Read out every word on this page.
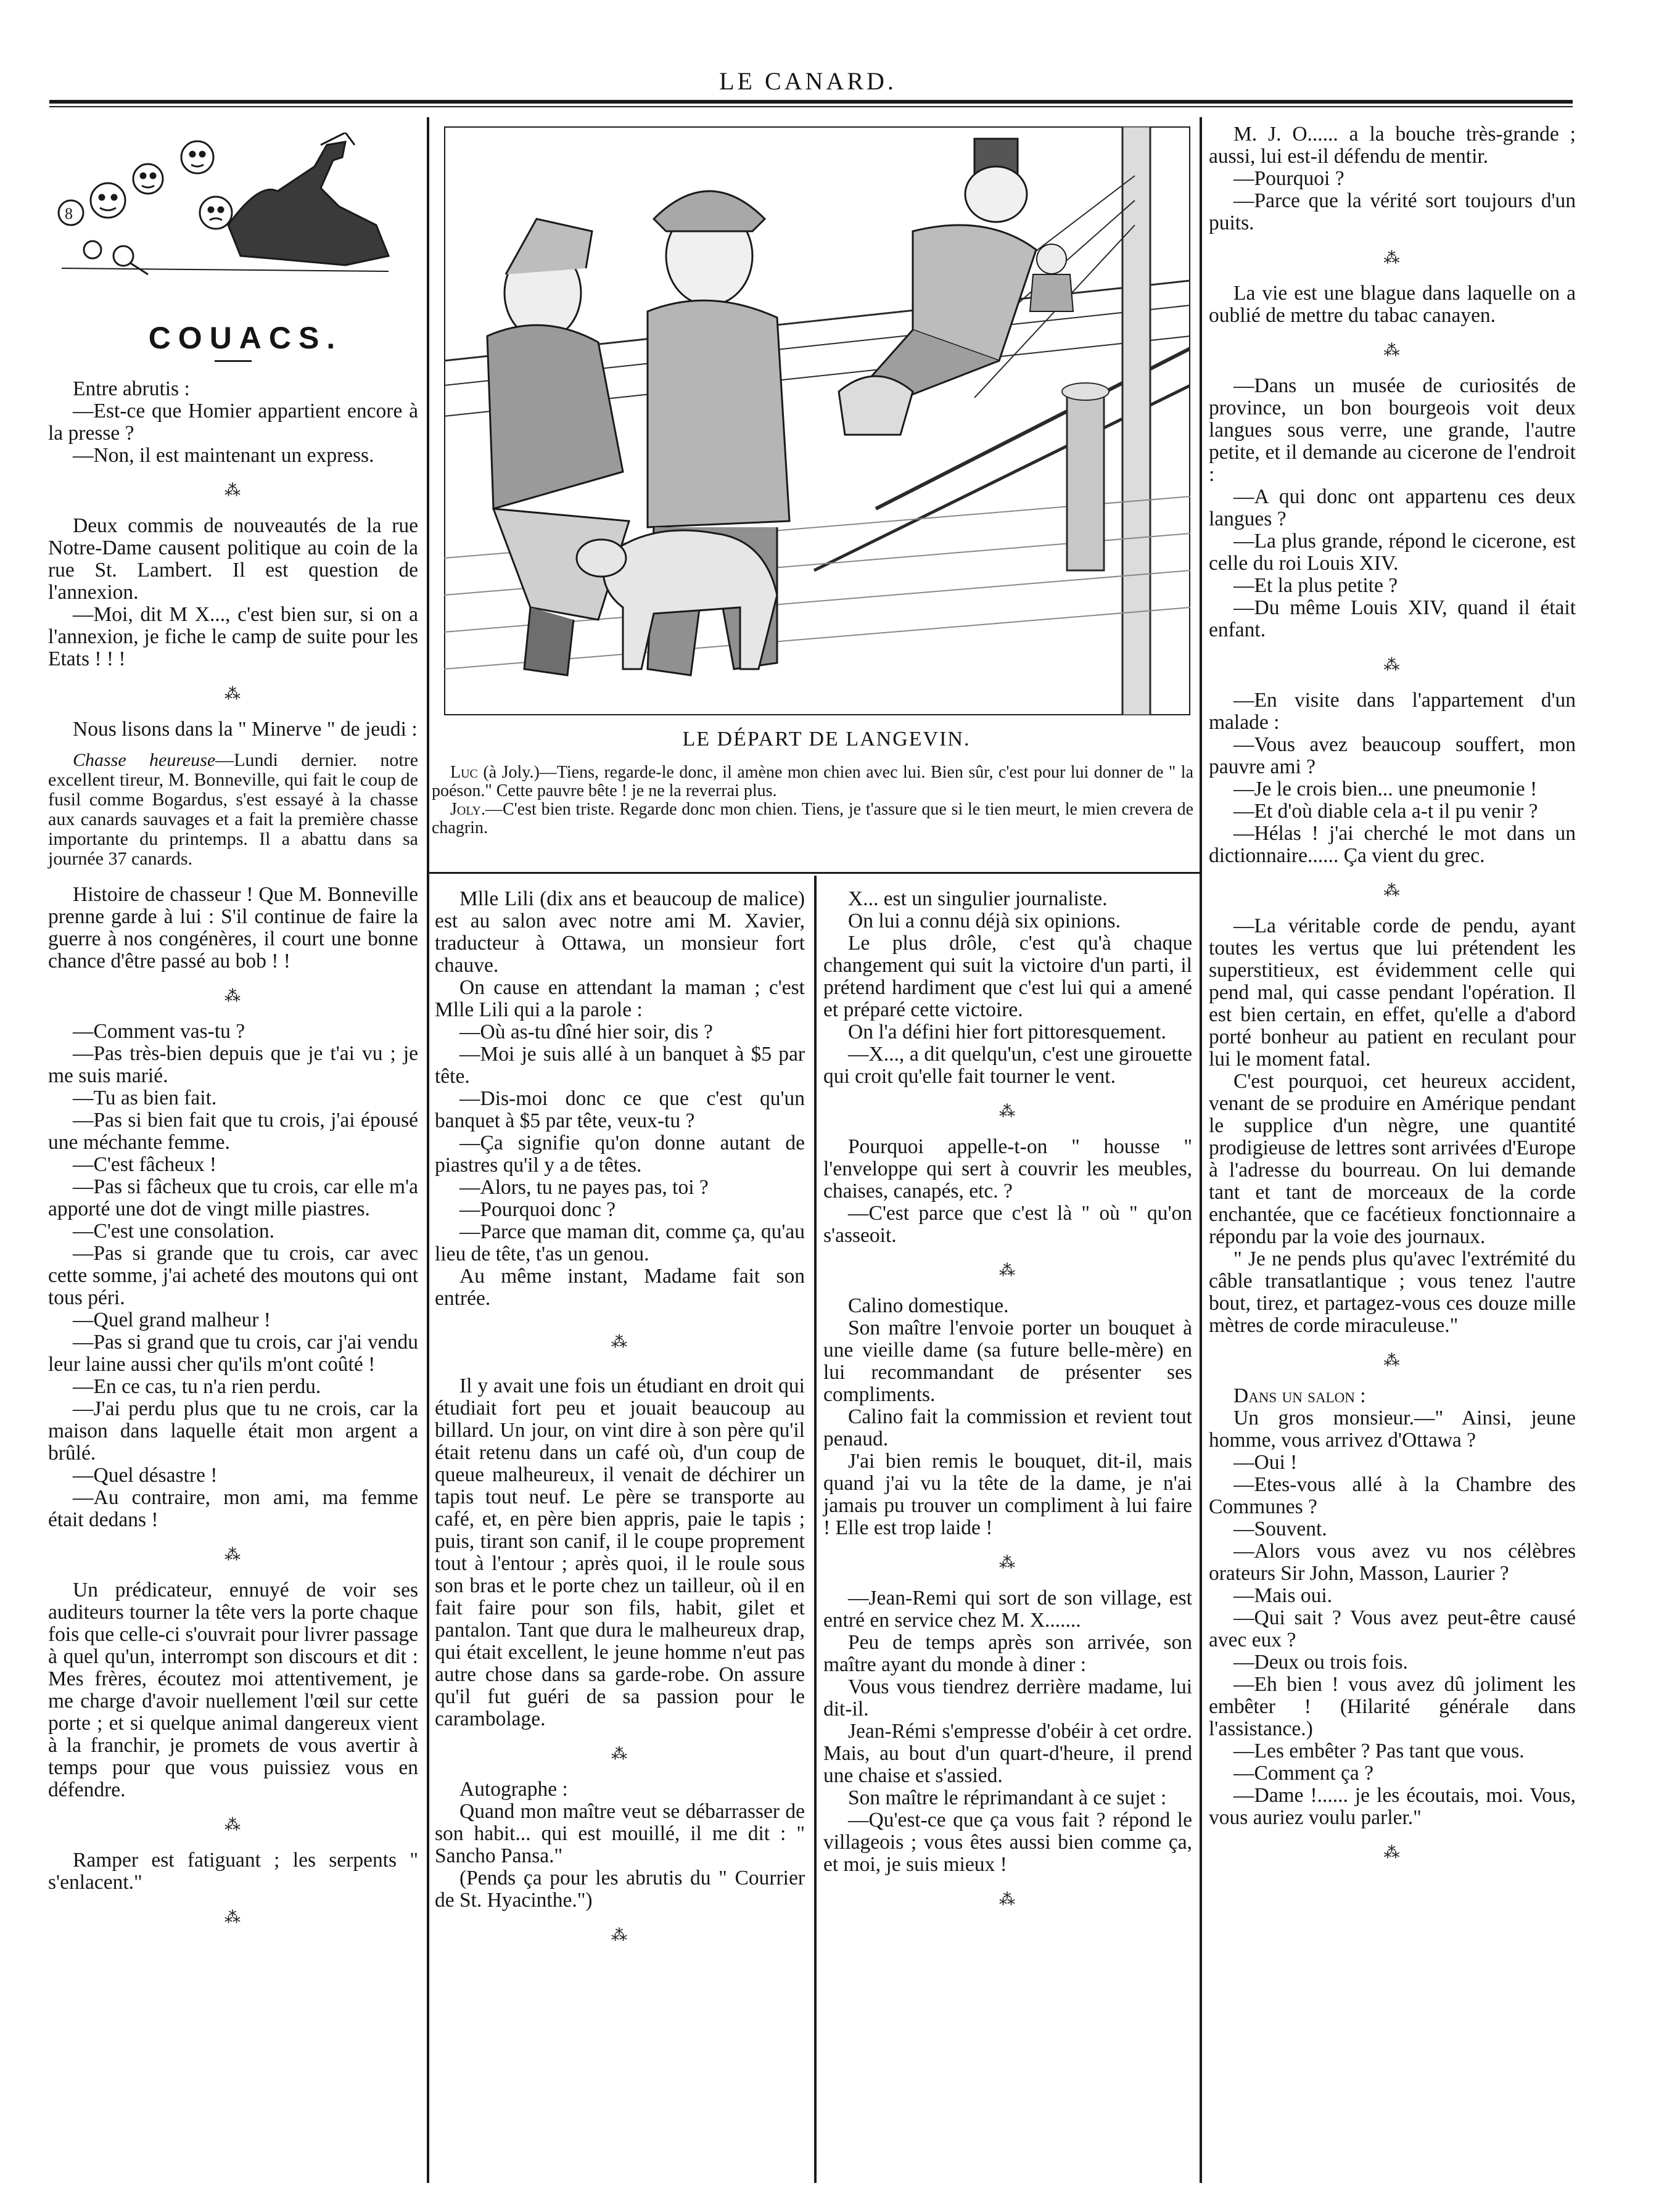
LE CANARD.
8

COUACS.

Entre abrutis :

—Est-ce que Homier appartient encore à la presse ?

—Non, il est maintenant un express.

⁂

Deux commis de nouveautés de la rue Notre-Dame causent politique au coin de la rue St. Lambert. Il est question de l'annexion.

—Moi, dit M X..., c'est bien sur, si on a l'annexion, je fiche le camp de suite pour les Etats ! ! !

⁂

Nous lisons dans la " Minerve " de jeudi :

Chasse heureuse—Lundi dernier. notre excellent tireur, M. Bonneville, qui fait le coup de fusil comme Bogardus, s'est essayé à la chasse aux canards sauvages et a fait la première chasse importante du printemps. Il a abattu dans sa journée 37 canards.

Histoire de chasseur ! Que M. Bonneville prenne garde à lui : S'il continue de faire la guerre à nos congénères, il court une bonne chance d'être passé au bob ! !

⁂

—Comment vas-tu ?

—Pas très-bien depuis que je t'ai vu ; je me suis marié.

—Tu as bien fait.

—Pas si bien fait que tu crois, j'ai épousé une méchante femme.

—C'est fâcheux !

—Pas si fâcheux que tu crois, car elle m'a apporté une dot de vingt mille piastres.

—C'est une consolation.

—Pas si grande que tu crois, car avec cette somme, j'ai acheté des moutons qui ont tous péri.

—Quel grand malheur !

—Pas si grand que tu crois, car j'ai vendu leur laine aussi cher qu'ils m'ont coûté !

—En ce cas, tu n'a rien perdu.

—J'ai perdu plus que tu ne crois, car la maison dans laquelle était mon argent a brûlé.

—Quel désastre !

—Au contraire, mon ami, ma femme était dedans !

⁂

Un prédicateur, ennuyé de voir ses auditeurs tourner la tête vers la porte chaque fois que celle-ci s'ouvrait pour livrer passage à quel qu'un, interrompt son discours et dit : Mes frères, écoutez moi attentivement, je me charge d'avoir nuellement l'œil sur cette porte ; et si quelque animal dangereux vient à la franchir, je promets de vous avertir à temps pour que vous puissiez vous en défendre.

⁂

Ramper est fatiguant ; les serpents " s'enlacent."

⁂
LE DÉPART DE LANGEVIN.

Luc (à Joly.)—Tiens, regarde-le donc, il amène mon chien avec lui. Bien sûr, c'est pour lui donner de " la poéson." Cette pauvre bête ! je ne la reverrai plus.

Joly.—C'est bien triste. Regarde donc mon chien. Tiens, je t'assure que si le tien meurt, le mien crevera de chagrin.

Mlle Lili (dix ans et beaucoup de malice) est au salon avec notre ami M. Xavier, traducteur à Ottawa, un monsieur fort chauve.

On cause en attendant la maman ; c'est Mlle Lili qui a la parole :

—Où as-tu dîné hier soir, dis ?

—Moi je suis allé à un banquet à $5 par tête.

—Dis-moi donc ce que c'est qu'un banquet à $5 par tête, veux-tu ?

—Ça signifie qu'on donne autant de piastres qu'il y a de têtes.

—Alors, tu ne payes pas, toi ?

—Pourquoi donc ?

—Parce que maman dit, comme ça, qu'au lieu de tête, t'as un genou.

Au même instant, Madame fait son entrée.

⁂

Il y avait une fois un étudiant en droit qui étudiait fort peu et jouait beaucoup au billard. Un jour, on vint dire à son père qu'il était retenu dans un café où, d'un coup de queue malheureux, il venait de déchirer un tapis tout neuf. Le père se transporte au café, et, en père bien appris, paie le tapis ; puis, tirant son canif, il le coupe proprement tout à l'entour ; après quoi, il le roule sous son bras et le porte chez un tailleur, où il en fait faire pour son fils, habit, gilet et pantalon. Tant que dura le malheureux drap, qui était excellent, le jeune homme n'eut pas autre chose dans sa garde-robe. On assure qu'il fut guéri de sa passion pour le carambolage.

⁂

Autographe :

Quand mon maître veut se débarrasser de son habit... qui est mouillé, il me dit : " Sancho Pansa."

(Pends ça pour les abrutis du " Courrier de St. Hyacinthe.")

⁂

X... est un singulier journaliste.

On lui a connu déjà six opinions.

Le plus drôle, c'est qu'à chaque changement qui suit la victoire d'un parti, il prétend hardiment que c'est lui qui a amené et préparé cette victoire.

On l'a défini hier fort pittoresquement.

—X..., a dit quelqu'un, c'est une girouette qui croit qu'elle fait tourner le vent.

⁂

Pourquoi appelle-t-on " housse " l'enveloppe qui sert à couvrir les meubles, chaises, canapés, etc. ?

—C'est parce que c'est là " où " qu'on s'asseoit.

⁂

Calino domestique.

Son maître l'envoie porter un bouquet à une vieille dame (sa future belle-mère) en lui recommandant de présenter ses compliments.

Calino fait la commission et revient tout penaud.

J'ai bien remis le bouquet, dit-il, mais quand j'ai vu la tête de la dame, je n'ai jamais pu trouver un compliment à lui faire ! Elle est trop laide !

⁂

—Jean-Remi qui sort de son village, est entré en service chez M. X.......

Peu de temps après son arrivée, son maître ayant du monde à diner :

Vous vous tiendrez derrière madame, lui dit-il.

Jean-Rémi s'empresse d'obéir à cet ordre. Mais, au bout d'un quart-d'heure, il prend une chaise et s'assied.

Son maître le réprimandant à ce sujet :

—Qu'est-ce que ça vous fait ? répond le villageois ; vous êtes aussi bien comme ça, et moi, je suis mieux !

⁂

M. J. O...... a la bouche très-grande ; aussi, lui est-il défendu de mentir.

—Pourquoi ?

—Parce que la vérité sort toujours d'un puits.

⁂

La vie est une blague dans laquelle on a oublié de mettre du tabac canayen.

⁂

—Dans un musée de curiosités de province, un bon bourgeois voit deux langues sous verre, une grande, l'autre petite, et il demande au cicerone de l'endroit :

—A qui donc ont appartenu ces deux langues ?

—La plus grande, répond le cicerone, est celle du roi Louis XIV.

—Et la plus petite ?

—Du même Louis XIV, quand il était enfant.

⁂

—En visite dans l'appartement d'un malade :

—Vous avez beaucoup souffert, mon pauvre ami ?

—Je le crois bien... une pneumonie !

—Et d'où diable cela a-t il pu venir ?

—Hélas ! j'ai cherché le mot dans un dictionnaire...... Ça vient du grec.

⁂

—La véritable corde de pendu, ayant toutes les vertus que lui prétendent les superstitieux, est évidemment celle qui pend mal, qui casse pendant l'opération. Il est bien certain, en effet, qu'elle a d'abord porté bonheur au patient en reculant pour lui le moment fatal.

C'est pourquoi, cet heureux accident, venant de se produire en Amérique pendant le supplice d'un nègre, une quantité prodigieuse de lettres sont arrivées d'Europe à l'adresse du bourreau. On lui demande tant et tant de morceaux de la corde enchantée, que ce facétieux fonctionnaire a répondu par la voie des journaux.

" Je ne pends plus qu'avec l'extrémité du câble transatlantique ; vous tenez l'autre bout, tirez, et partagez-vous ces douze mille mètres de corde miraculeuse."

⁂

Dans un salon :

Un gros monsieur.—" Ainsi, jeune homme, vous arrivez d'Ottawa ?

—Oui !

—Etes-vous allé à la Chambre des Communes ?

—Souvent.

—Alors vous avez vu nos célèbres orateurs Sir John, Masson, Laurier ?

—Mais oui.

—Qui sait ? Vous avez peut-être causé avec eux ?

—Deux ou trois fois.

—Eh bien ! vous avez dû joliment les embêter ! (Hilarité générale dans l'assistance.)

—Les embêter ? Pas tant que vous.

—Comment ça ?

—Dame !...... je les écoutais, moi. Vous, vous auriez voulu parler."

⁂
